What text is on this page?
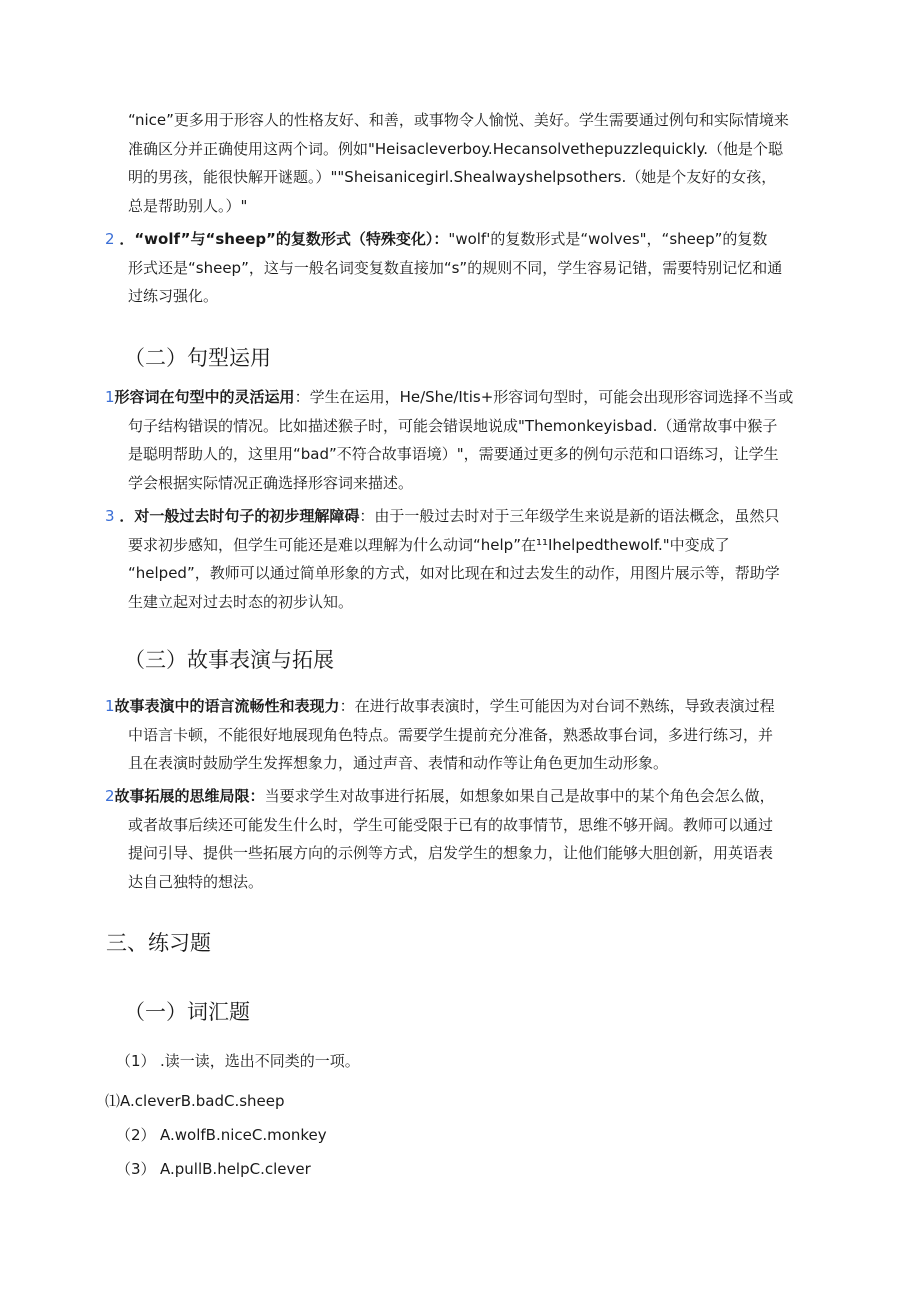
“nice”更多用于形容人的性格友好、和善，或事物令人愉悦、美好。学生需要通过例句和实际情境来
准确区分并正确使用这两个词。例如"Heisacleverboy.Hecansolvethepuzzlequickly.（他是个聪
明的男孩，能很快解开谜题。）""Sheisanicegirl.Shealwayshelpsothers.（她是个友好的女孩，
总是帮助别人。）"
2 ．“wolf”与“sheep”的复数形式（特殊变化）："wolf'的复数形式是“wolves"，“sheep”的复数
形式还是“sheep”，这与一般名词变复数直接加“s”的规则不同，学生容易记错，需要特别记忆和通
过练习强化。
（二）句型运用
1形容词在句型中的灵活运用：学生在运用，He∕She∕Itis+形容词句型时，可能会出现形容词选择不当或
句子结构错误的情况。比如描述猴子时，可能会错误地说成"Themonkeyisbad.（通常故事中猴子
是聪明帮助人的，这里用“bad”不符合故事语境）"，需要通过更多的例句示范和口语练习，让学生
学会根据实际情况正确选择形容词来描述。
3 ．对一般过去时句子的初步理解障碍：由于一般过去时对于三年级学生来说是新的语法概念，虽然只
要求初步感知，但学生可能还是难以理解为什么动词“help”在¹¹Ihelpedthewolf."中变成了
“helped”，教师可以通过简单形象的方式，如对比现在和过去发生的动作，用图片展示等，帮助学
生建立起对过去时态的初步认知。
（三）故事表演与拓展
1故事表演中的语言流畅性和表现力：在进行故事表演时，学生可能因为对台词不熟练，导致表演过程
中语言卡顿，不能很好地展现角色特点。需要学生提前充分准备，熟悉故事台词，多进行练习，并
且在表演时鼓励学生发挥想象力，通过声音、表情和动作等让角色更加生动形象。
2故事拓展的思维局限：当要求学生对故事进行拓展，如想象如果自己是故事中的某个角色会怎么做，
或者故事后续还可能发生什么时，学生可能受限于已有的故事情节，思维不够开阔。教师可以通过
提问引导、提供一些拓展方向的示例等方式，启发学生的想象力，让他们能够大胆创新，用英语表
达自己独特的想法。
三、练习题
（一）词汇题
（1） .读一读，选出不同类的一项。
⑴A.cleverB.badC.sheep
（2） A.wolfB.niceC.monkey
（3） A.pullB.helpC.clever
